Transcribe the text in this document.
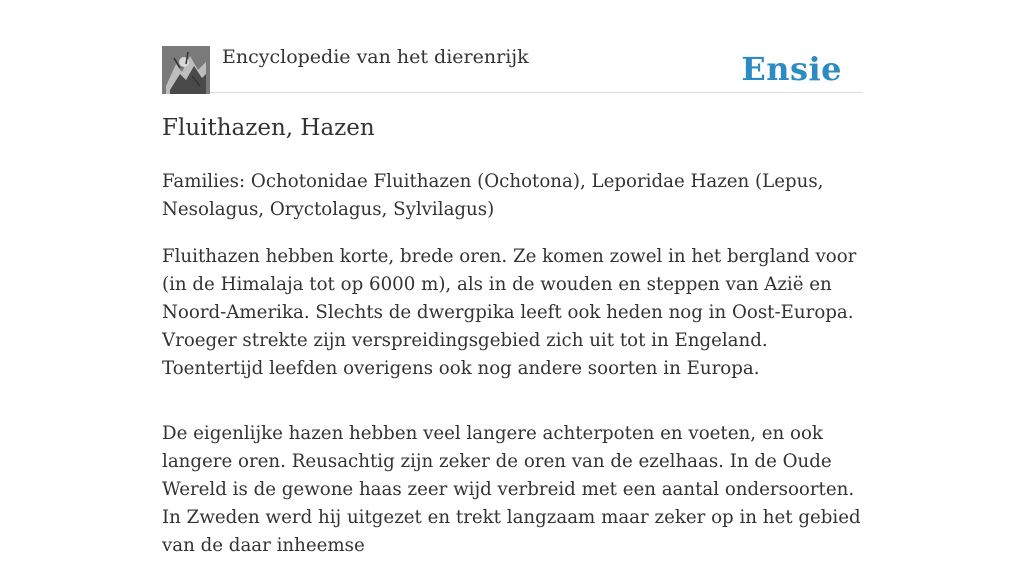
Encyclopedie van het dierenrijk	Ensie
Fluithazen, Hazen

Families: Ochotonidae Fluithazen (Ochotona), Leporidae Hazen (Lepus, Nesolagus, Oryctolagus, Sylvilagus)

Fluithazen hebben korte, brede oren. Ze komen zowel in het bergland voor (in de Himalaja tot op 6000 m), als in de wouden en steppen van Azië en Noord-Amerika. Slechts de dwergpika leeft ook heden nog in Oost-Europa. Vroeger strekte zijn verspreidingsgebied zich uit tot in Engeland. Toentertijd leefden overigens ook nog andere soorten in Europa.

De eigenlijke hazen hebben veel langere achterpoten en voeten, en ook langere oren. Reusachtig zijn zeker de oren van de ezelhaas. In de Oude Wereld is de gewone haas zeer wijd verbreid met een aantal ondersoorten. In Zweden werd hij uitgezet en trekt langzaam maar zeker op in het gebied van de daar inheemse
